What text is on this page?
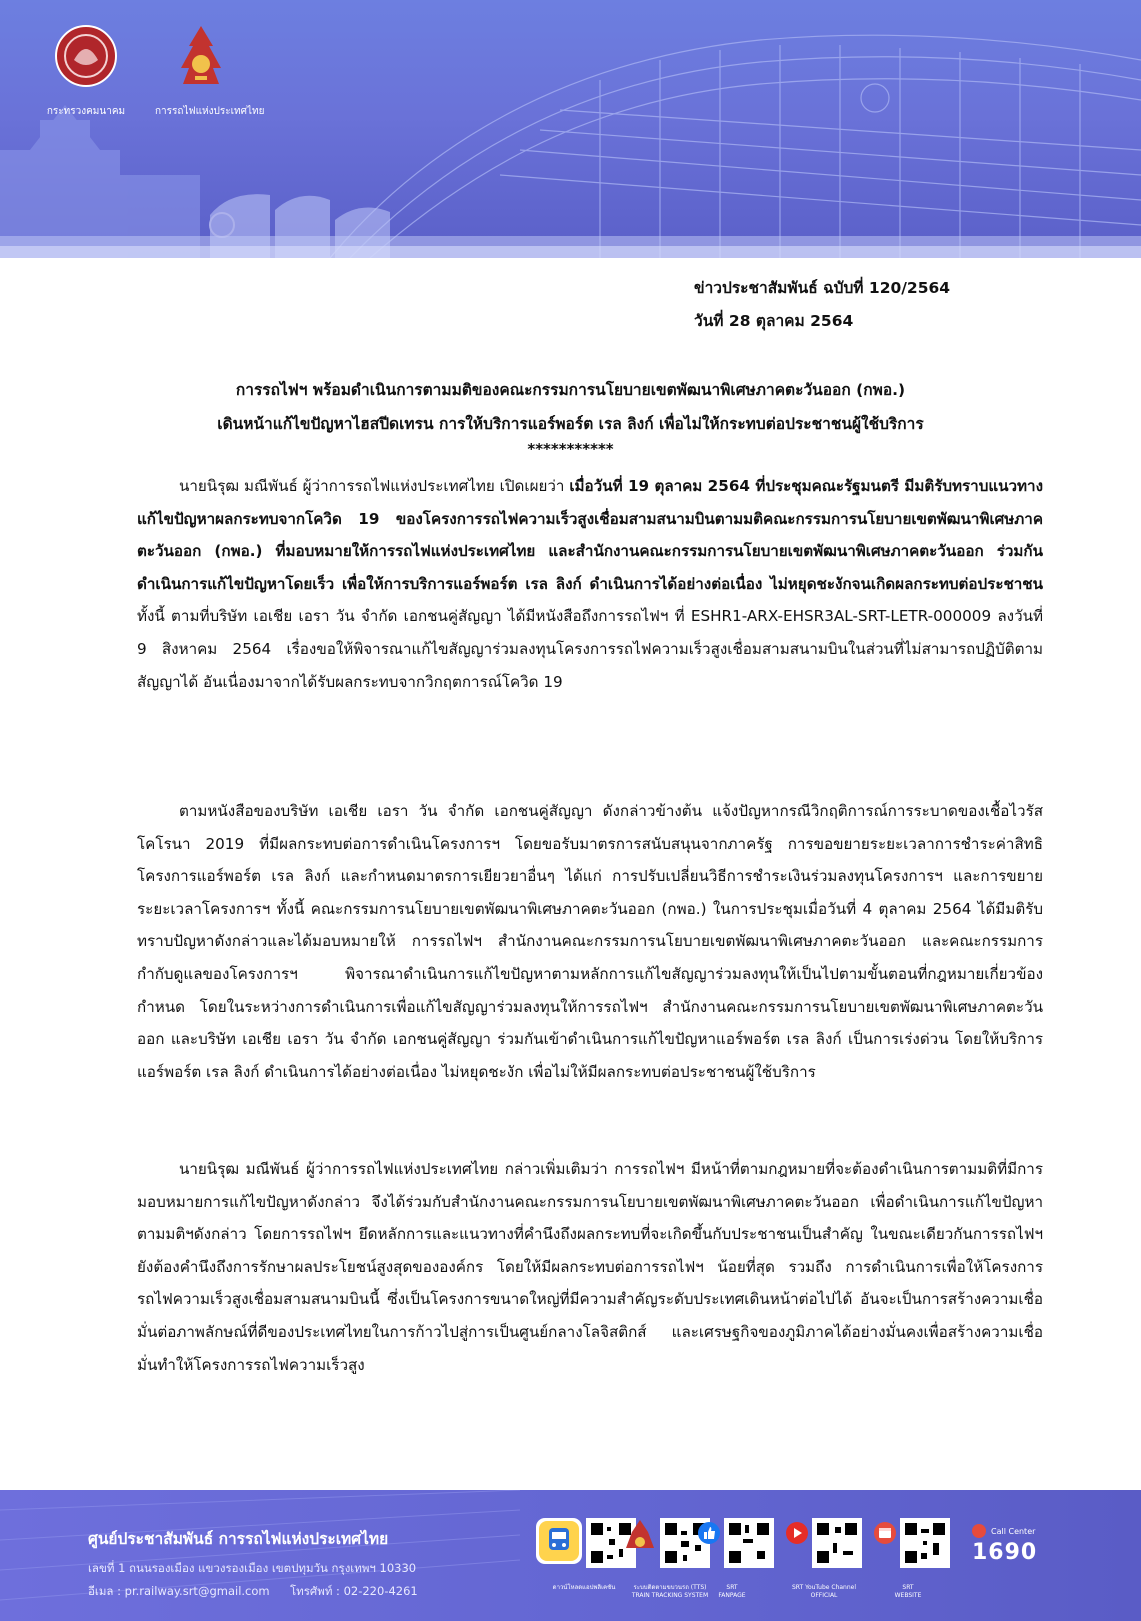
กระทรวงคมนาคม	การรถไฟแห่งประเทศไทย
ข่าวประชาสัมพันธ์ ฉบับที่ 120/2564
วันที่ 28 ตุลาคม 2564
การรถไฟฯ พร้อมดำเนินการตามมติของคณะกรรมการนโยบายเขตพัฒนาพิเศษภาคตะวันออก (กพอ.)
เดินหน้าแก้ไขปัญหาไฮสปีดเทรน การให้บริการแอร์พอร์ต เรล ลิงก์ เพื่อไม่ให้กระทบต่อประชาชนผู้ใช้บริการ
***********

นายนิรุฒ มณีพันธ์ ผู้ว่าการรถไฟแห่งประเทศไทย เปิดเผยว่า เมื่อวันที่ 19 ตุลาคม 2564 ที่ประชุมคณะรัฐมนตรี มีมติรับทราบแนวทางแก้ไขปัญหาผลกระทบจากโควิด 19 ของโครงการรถไฟความเร็วสูงเชื่อมสามสนามบินตามมติคณะกรรมการนโยบายเขตพัฒนาพิเศษภาคตะวันออก (กพอ.) ที่มอบหมายให้การรถไฟแห่งประเทศไทย และสำนักงานคณะกรรมการนโยบายเขตพัฒนาพิเศษภาคตะวันออก ร่วมกันดำเนินการแก้ไขปัญหาโดยเร็ว เพื่อให้การบริการแอร์พอร์ต เรล ลิงก์ ดำเนินการได้อย่างต่อเนื่อง ไม่หยุดชะงักจนเกิดผลกระทบต่อประชาชน ทั้งนี้ ตามที่บริษัท เอเชีย เอรา วัน จำกัด เอกชนคู่สัญญา ได้มีหนังสือถึงการรถไฟฯ ที่ ESHR1-ARX-EHSR3AL-SRT-LETR-000009 ลงวันที่ 9 สิงหาคม 2564 เรื่องขอให้พิจารณาแก้ไขสัญญาร่วมลงทุนโครงการรถไฟความเร็วสูงเชื่อมสามสนามบินในส่วนที่ไม่สามารถปฏิบัติตามสัญญาได้ อันเนื่องมาจากได้รับผลกระทบจากวิกฤตการณ์โควิด 19

ตามหนังสือของบริษัท เอเชีย เอรา วัน จำกัด เอกชนคู่สัญญา ดังกล่าวข้างต้น แจ้งปัญหากรณีวิกฤติการณ์การระบาดของเชื้อไวรัสโคโรนา 2019 ที่มีผลกระทบต่อการดำเนินโครงการฯ โดยขอรับมาตรการสนับสนุนจากภาครัฐ การขอขยายระยะเวลาการชำระค่าสิทธิโครงการแอร์พอร์ต เรล ลิงก์ และกำหนดมาตรการเยียวยาอื่นๆ ได้แก่ การปรับเปลี่ยนวิธีการชำระเงินร่วมลงทุนโครงการฯ และการขยายระยะเวลาโครงการฯ ทั้งนี้ คณะกรรมการนโยบายเขตพัฒนาพิเศษภาคตะวันออก (กพอ.) ในการประชุมเมื่อวันที่ 4 ตุลาคม 2564 ได้มีมติรับทราบปัญหาดังกล่าวและได้มอบหมายให้ การรถไฟฯ สำนักงานคณะกรรมการนโยบายเขตพัฒนาพิเศษภาคตะวันออก และคณะกรรมการกำกับดูแลของโครงการฯ พิจารณาดำเนินการแก้ไขปัญหาตามหลักการแก้ไขสัญญาร่วมลงทุนให้เป็นไปตามขั้นตอนที่กฎหมายเกี่ยวข้องกำหนด โดยในระหว่างการดำเนินการเพื่อแก้ไขสัญญาร่วมลงทุนให้การรถไฟฯ สำนักงานคณะกรรมการนโยบายเขตพัฒนาพิเศษภาคตะวันออก และบริษัท เอเชีย เอรา วัน จำกัด เอกชนคู่สัญญา ร่วมกันเข้าดำเนินการแก้ไขปัญหาแอร์พอร์ต เรล ลิงก์ เป็นการเร่งด่วน โดยให้บริการแอร์พอร์ต เรล ลิงก์ ดำเนินการได้อย่างต่อเนื่อง ไม่หยุดชะงัก เพื่อไม่ให้มีผลกระทบต่อประชาชนผู้ใช้บริการ

นายนิรุฒ มณีพันธ์ ผู้ว่าการรถไฟแห่งประเทศไทย กล่าวเพิ่มเติมว่า การรถไฟฯ มีหน้าที่ตามกฎหมายที่จะต้องดำเนินการตามมติที่มีการมอบหมายการแก้ไขปัญหาดังกล่าว จึงได้ร่วมกับสำนักงานคณะกรรมการนโยบายเขตพัฒนาพิเศษภาคตะวันออก เพื่อดำเนินการแก้ไขปัญหาตามมติฯดังกล่าว โดยการรถไฟฯ ยึดหลักการและแนวทางที่คำนึงถึงผลกระทบที่จะเกิดขึ้นกับประชาชนเป็นสำคัญ ในขณะเดียวกันการรถไฟฯ ยังต้องคำนึงถึงการรักษาผลประโยชน์สูงสุดขององค์กร โดยให้มีผลกระทบต่อการรถไฟฯ น้อยที่สุด รวมถึง การดำเนินการเพื่อให้โครงการรถไฟความเร็วสูงเชื่อมสามสนามบินนี้ ซึ่งเป็นโครงการขนาดใหญ่ที่มีความสำคัญระดับประเทศเดินหน้าต่อไปได้ อันจะเป็นการสร้างความเชื่อมั่นต่อภาพลักษณ์ที่ดีของประเทศไทยในการก้าวไปสู่การเป็นศูนย์กลางโลจิสติกส์ และเศรษฐกิจของภูมิภาคได้อย่างมั่นคงเพื่อสร้างความเชื่อมั่นทำให้โครงการรถไฟความเร็วสูง

ศูนย์ประชาสัมพันธ์ การรถไฟแห่งประเทศไทย
เลขที่ 1 ถนนรองเมือง แขวงรองเมือง เขตปทุมวัน กรุงเทพฯ 10330
อีเมล : pr.railway.srt@gmail.com โทรศัพท์ : 02-220-4261	ดาวน์โหลดแอปพลิเคชัน	ระบบติดตามขบวนรถ (TTS)
TRAIN TRACKING SYSTEM
SRT
FANPAGE
SRT YouTube Channel
OFFICIAL
SRT
WEBSITE
Call Center
1690
